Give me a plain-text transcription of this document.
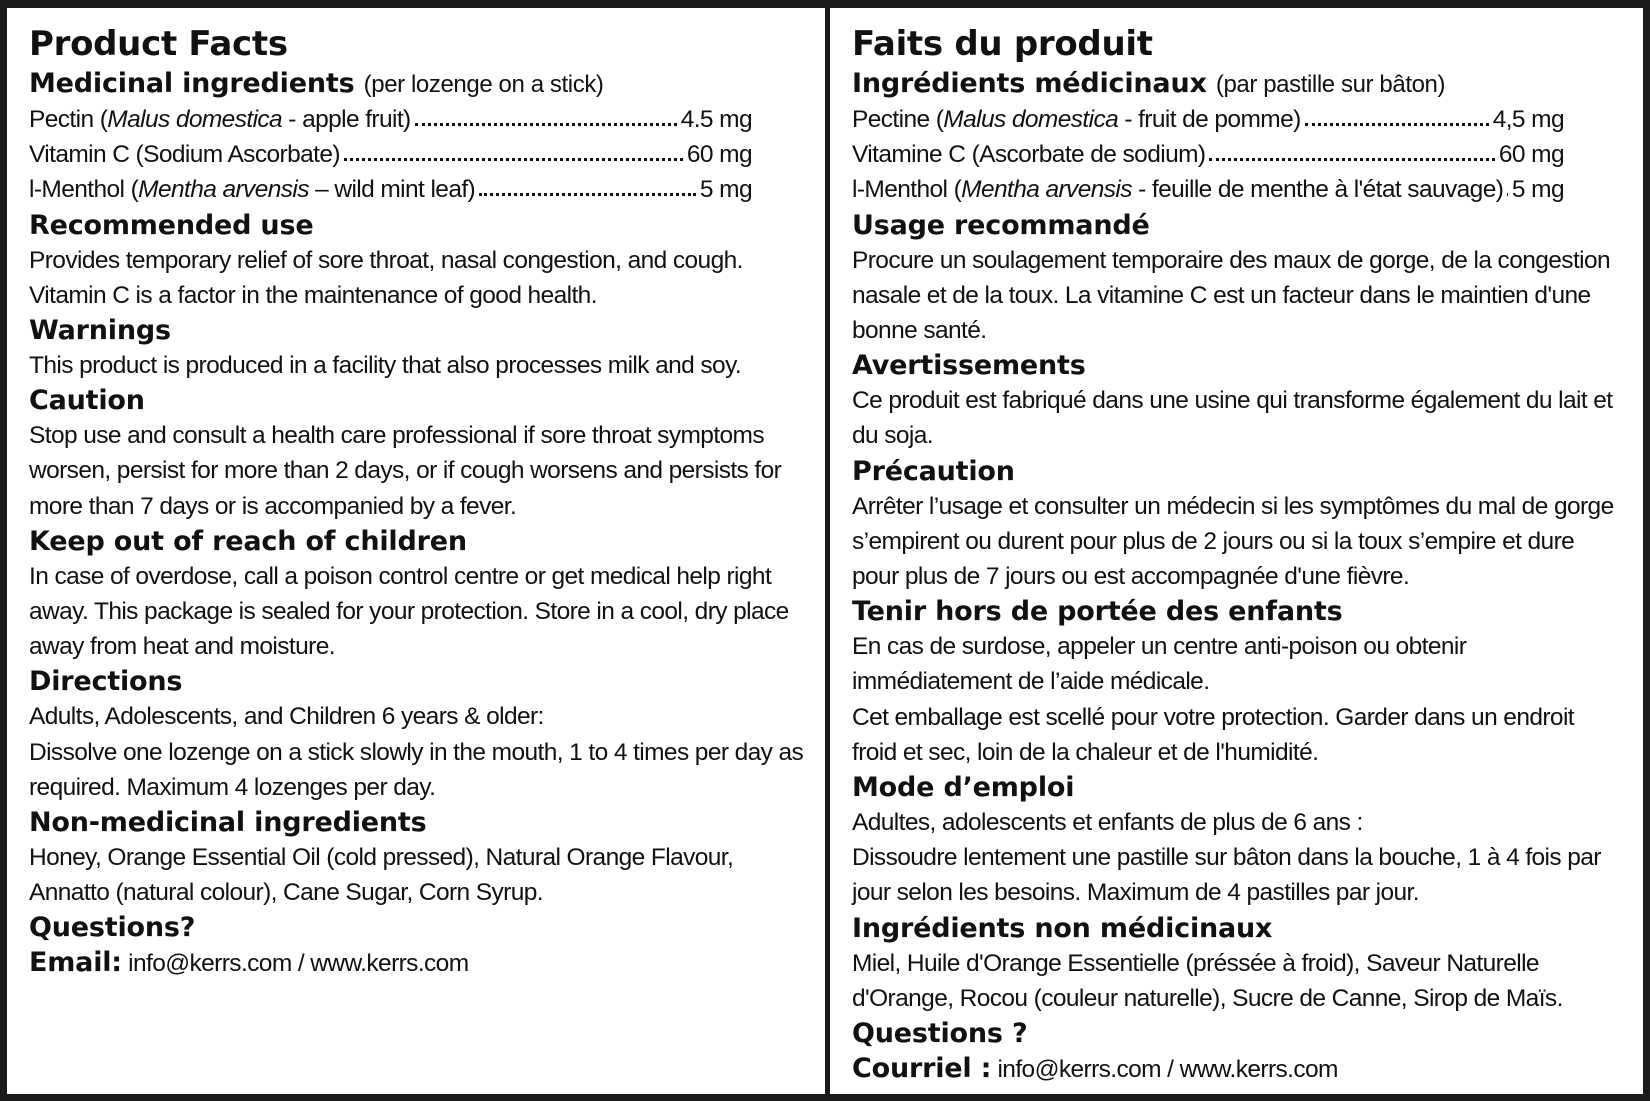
Product Facts
Medicinal ingredients (per lozenge on a stick)
Pectin (Malus domestica - apple fruit)	4.5 mg
Vitamin C (Sodium Ascorbate)	60 mg
l-Menthol (Mentha arvensis – wild mint leaf)	5 mg
Recommended use

Provides temporary relief of sore throat, nasal congestion, and cough. Vitamin C is a factor in the maintenance of good health.

Warnings

This product is produced in a facility that also processes milk and soy.

Caution

Stop use and consult a health care professional if sore throat symptoms worsen, persist for more than 2 days, or if cough worsens and persists for more than 7 days or is accompanied by a fever.

Keep out of reach of children

In case of overdose, call a poison control centre or get medical help right away. This package is sealed for your protection. Store in a cool, dry place away from heat and moisture.

Directions

Adults, Adolescents, and Children 6 years & older:

Dissolve one lozenge on a stick slowly in the mouth, 1 to 4 times per day as required. Maximum 4 lozenges per day.

Non-medicinal ingredients

Honey, Orange Essential Oil (cold pressed), Natural Orange Flavour, Annatto (natural colour), Cane Sugar, Corn Syrup.

Questions?

Email: info@kerrs.com / www.kerrs.com

Faits du produit
Ingrédients médicinaux (par pastille sur bâton)
Pectine (Malus domestica - fruit de pomme)	4,5 mg
Vitamine C (Ascorbate de sodium)	60 mg
l-Menthol (Mentha arvensis - feuille de menthe à l'état sauvage) 5 mg
Usage recommandé

Procure un soulagement temporaire des maux de gorge, de la congestion nasale et de la toux. La vitamine C est un facteur dans le maintien d'une bonne santé.

Avertissements

Ce produit est fabriqué dans une usine qui transforme également du lait et du soja.

Précaution

Arrêter l’usage et consulter un médecin si les symptômes du mal de gorge s’empirent ou durent pour plus de 2 jours ou si la toux s’empire et dure pour plus de 7 jours ou est accompagnée d'une fièvre.

Tenir hors de portée des enfants

En cas de surdose, appeler un centre anti-poison ou obtenir immédiatement de l’aide médicale.

Cet emballage est scellé pour votre protection. Garder dans un endroit froid et sec, loin de la chaleur et de l'humidité.

Mode d’emploi

Adultes, adolescents et enfants de plus de 6 ans :

Dissoudre lentement une pastille sur bâton dans la bouche, 1 à 4 fois par jour selon les besoins. Maximum de 4 pastilles par jour.

Ingrédients non médicinaux

Miel, Huile d'Orange Essentielle (préssée à froid), Saveur Naturelle d'Orange, Rocou (couleur naturelle), Sucre de Canne, Sirop de Maïs.

Questions ?

Courriel : info@kerrs.com / www.kerrs.com
